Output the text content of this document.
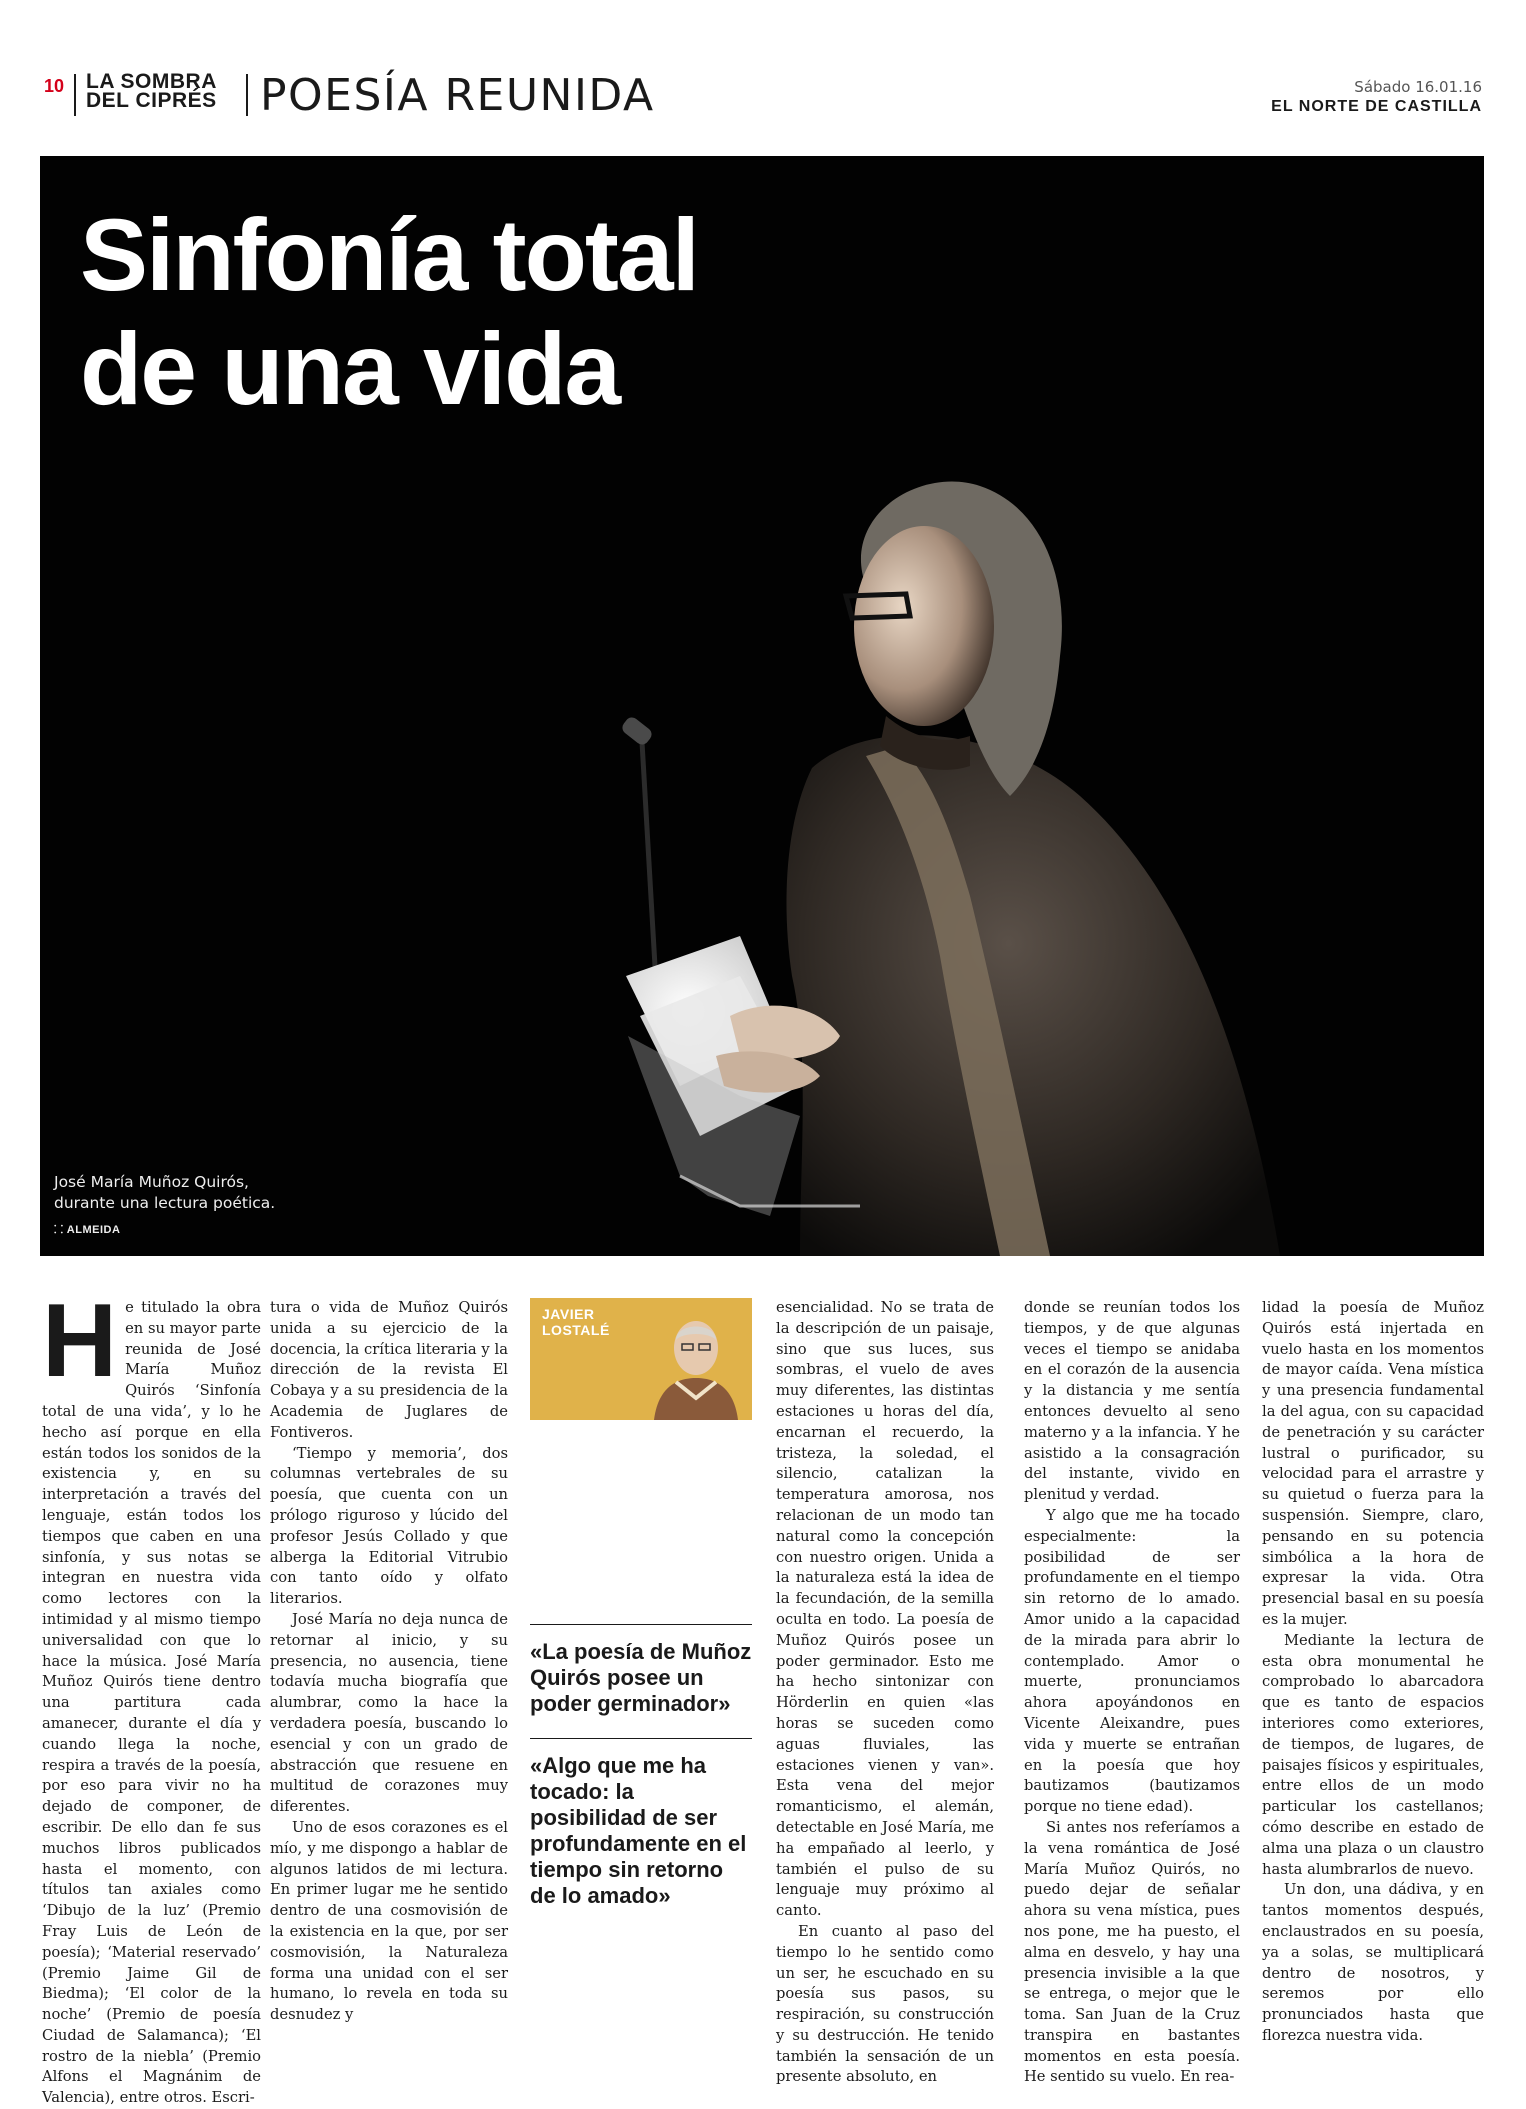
10 LA SOMBRA
DEL CIPRÉS POESÍA REUNIDA	Sábado 16.01.16
EL NORTE DE CASTILLA
Sinfonía total
de una vida
José María Muñoz Quirós,
durante una lectura poética.
⸬ ALMEIDA
H e titulado la obra en su mayor parte reunida de José María Muñoz Quirós ‘Sinfonía total de una vida’, y lo he hecho así porque en ella están todos los sonidos de la existencia y, en su interpretación a través del lenguaje, están todos los tiempos que caben en una sinfonía, y sus notas se integran en nuestra vida como lectores con la intimidad y al mismo tiempo universalidad con que lo hace la música. José María Muñoz Quirós tiene dentro una partitura cada amanecer, durante el día y cuando llega la noche, respira a través de la poesía, por eso para vivir no ha dejado de componer, de escribir. De ello dan fe sus muchos libros publicados hasta el momento, con títulos tan axiales como ‘Dibujo de la luz’ (Premio Fray Luis de León de poesía); ‘Material reservado’ (Premio Jaime Gil de Biedma); ‘El color de la noche’ (Premio de poesía Ciudad de Salamanca); ‘El rostro de la niebla’ (Premio Alfons el Magnánim de Valencia), entre otros. Escri-

tura o vida de Muñoz Quirós unida a su ejercicio de la docencia, la crítica literaria y la dirección de la revista El Cobaya y a su presidencia de la Academia de Juglares de Fontiveros.

‘Tiempo y memoria’, dos columnas vertebrales de su poesía, que cuenta con un prólogo riguroso y lúcido del profesor Jesús Collado y que alberga la Editorial Vitrubio con tanto oído y olfato literarios.

José María no deja nunca de retornar al inicio, y su presencia, no ausencia, tiene todavía mucha biografía que alumbrar, como la hace la verdadera poesía, buscando lo esencial y con un grado de abstracción que resuene en multitud de corazones muy diferentes.

Uno de esos corazones es el mío, y me dispongo a hablar de algunos latidos de mi lectura. En primer lugar me he sentido dentro de una cosmovisión de la existencia en la que, por ser cosmovisión, la Naturaleza forma una unidad con el ser humano, lo revela en toda su desnudez y

JAVIER
LOSTALÉ
«La poesía de Muñoz Quirós posee un poder germinador»
«Algo que me ha tocado: la posibilidad de ser profundamente en el tiempo sin retorno de lo amado»

esencialidad. No se trata de la descripción de un paisaje, sino que sus luces, sus sombras, el vuelo de aves muy diferentes, las distintas estaciones u horas del día, encarnan el recuerdo, la tristeza, la soledad, el silencio, catalizan la temperatura amorosa, nos relacionan de un modo tan natural como la concepción con nuestro origen. Unida a la naturaleza está la idea de la fecundación, de la semilla oculta en todo. La poesía de Muñoz Quirós posee un poder germinador. Esto me ha hecho sintonizar con Hörderlin en quien «las horas se suceden como aguas fluviales, las estaciones vienen y van». Esta vena del mejor romanticismo, el alemán, detectable en José María, me ha empañado al leerlo, y también el pulso de su lenguaje muy próximo al canto.

En cuanto al paso del tiempo lo he sentido como un ser, he escuchado en su poesía sus pasos, su respiración, su construcción y su destrucción. He tenido también la sensación de un presente absoluto, en

donde se reunían todos los tiempos, y de que algunas veces el tiempo se anidaba en el corazón de la ausencia y la distancia y me sentía entonces devuelto al seno materno y a la infancia. Y he asistido a la consagración del instante, vivido en plenitud y verdad.

Y algo que me ha tocado especialmente: la posibilidad de ser profundamente en el tiempo sin retorno de lo amado. Amor unido a la capacidad de la mirada para abrir lo contemplado. Amor o muerte, pronunciamos ahora apoyándonos en Vicente Aleixandre, pues vida y muerte se entrañan en la poesía que hoy bautizamos (bautizamos porque no tiene edad).

Si antes nos referíamos a la vena romántica de José María Muñoz Quirós, no puedo dejar de señalar ahora su vena mística, pues nos pone, me ha puesto, el alma en desvelo, y hay una presencia invisible a la que se entrega, o mejor que le toma. San Juan de la Cruz transpira en bastantes momentos en esta poesía. He sentido su vuelo. En rea-

lidad la poesía de Muñoz Quirós está injertada en vuelo hasta en los momentos de mayor caída. Vena mística y una presencia fundamental la del agua, con su capacidad de penetración y su carácter lustral o purificador, su velocidad para el arrastre y su quietud o fuerza para la suspensión. Siempre, claro, pensando en su potencia simbólica a la hora de expresar la vida. Otra presencial basal en su poesía es la mujer.

Mediante la lectura de esta obra monumental he comprobado lo abarcadora que es tanto de espacios interiores como exteriores, de tiempos, de lugares, de paisajes físicos y espirituales, entre ellos de un modo particular los castellanos; cómo describe en estado de alma una plaza o un claustro hasta alumbrarlos de nuevo.

Un don, una dádiva, y en tantos momentos después, enclaustrados en su poesía, ya a solas, se multiplicará dentro de nosotros, y seremos por ello pronunciados hasta que florezca nuestra vida.
